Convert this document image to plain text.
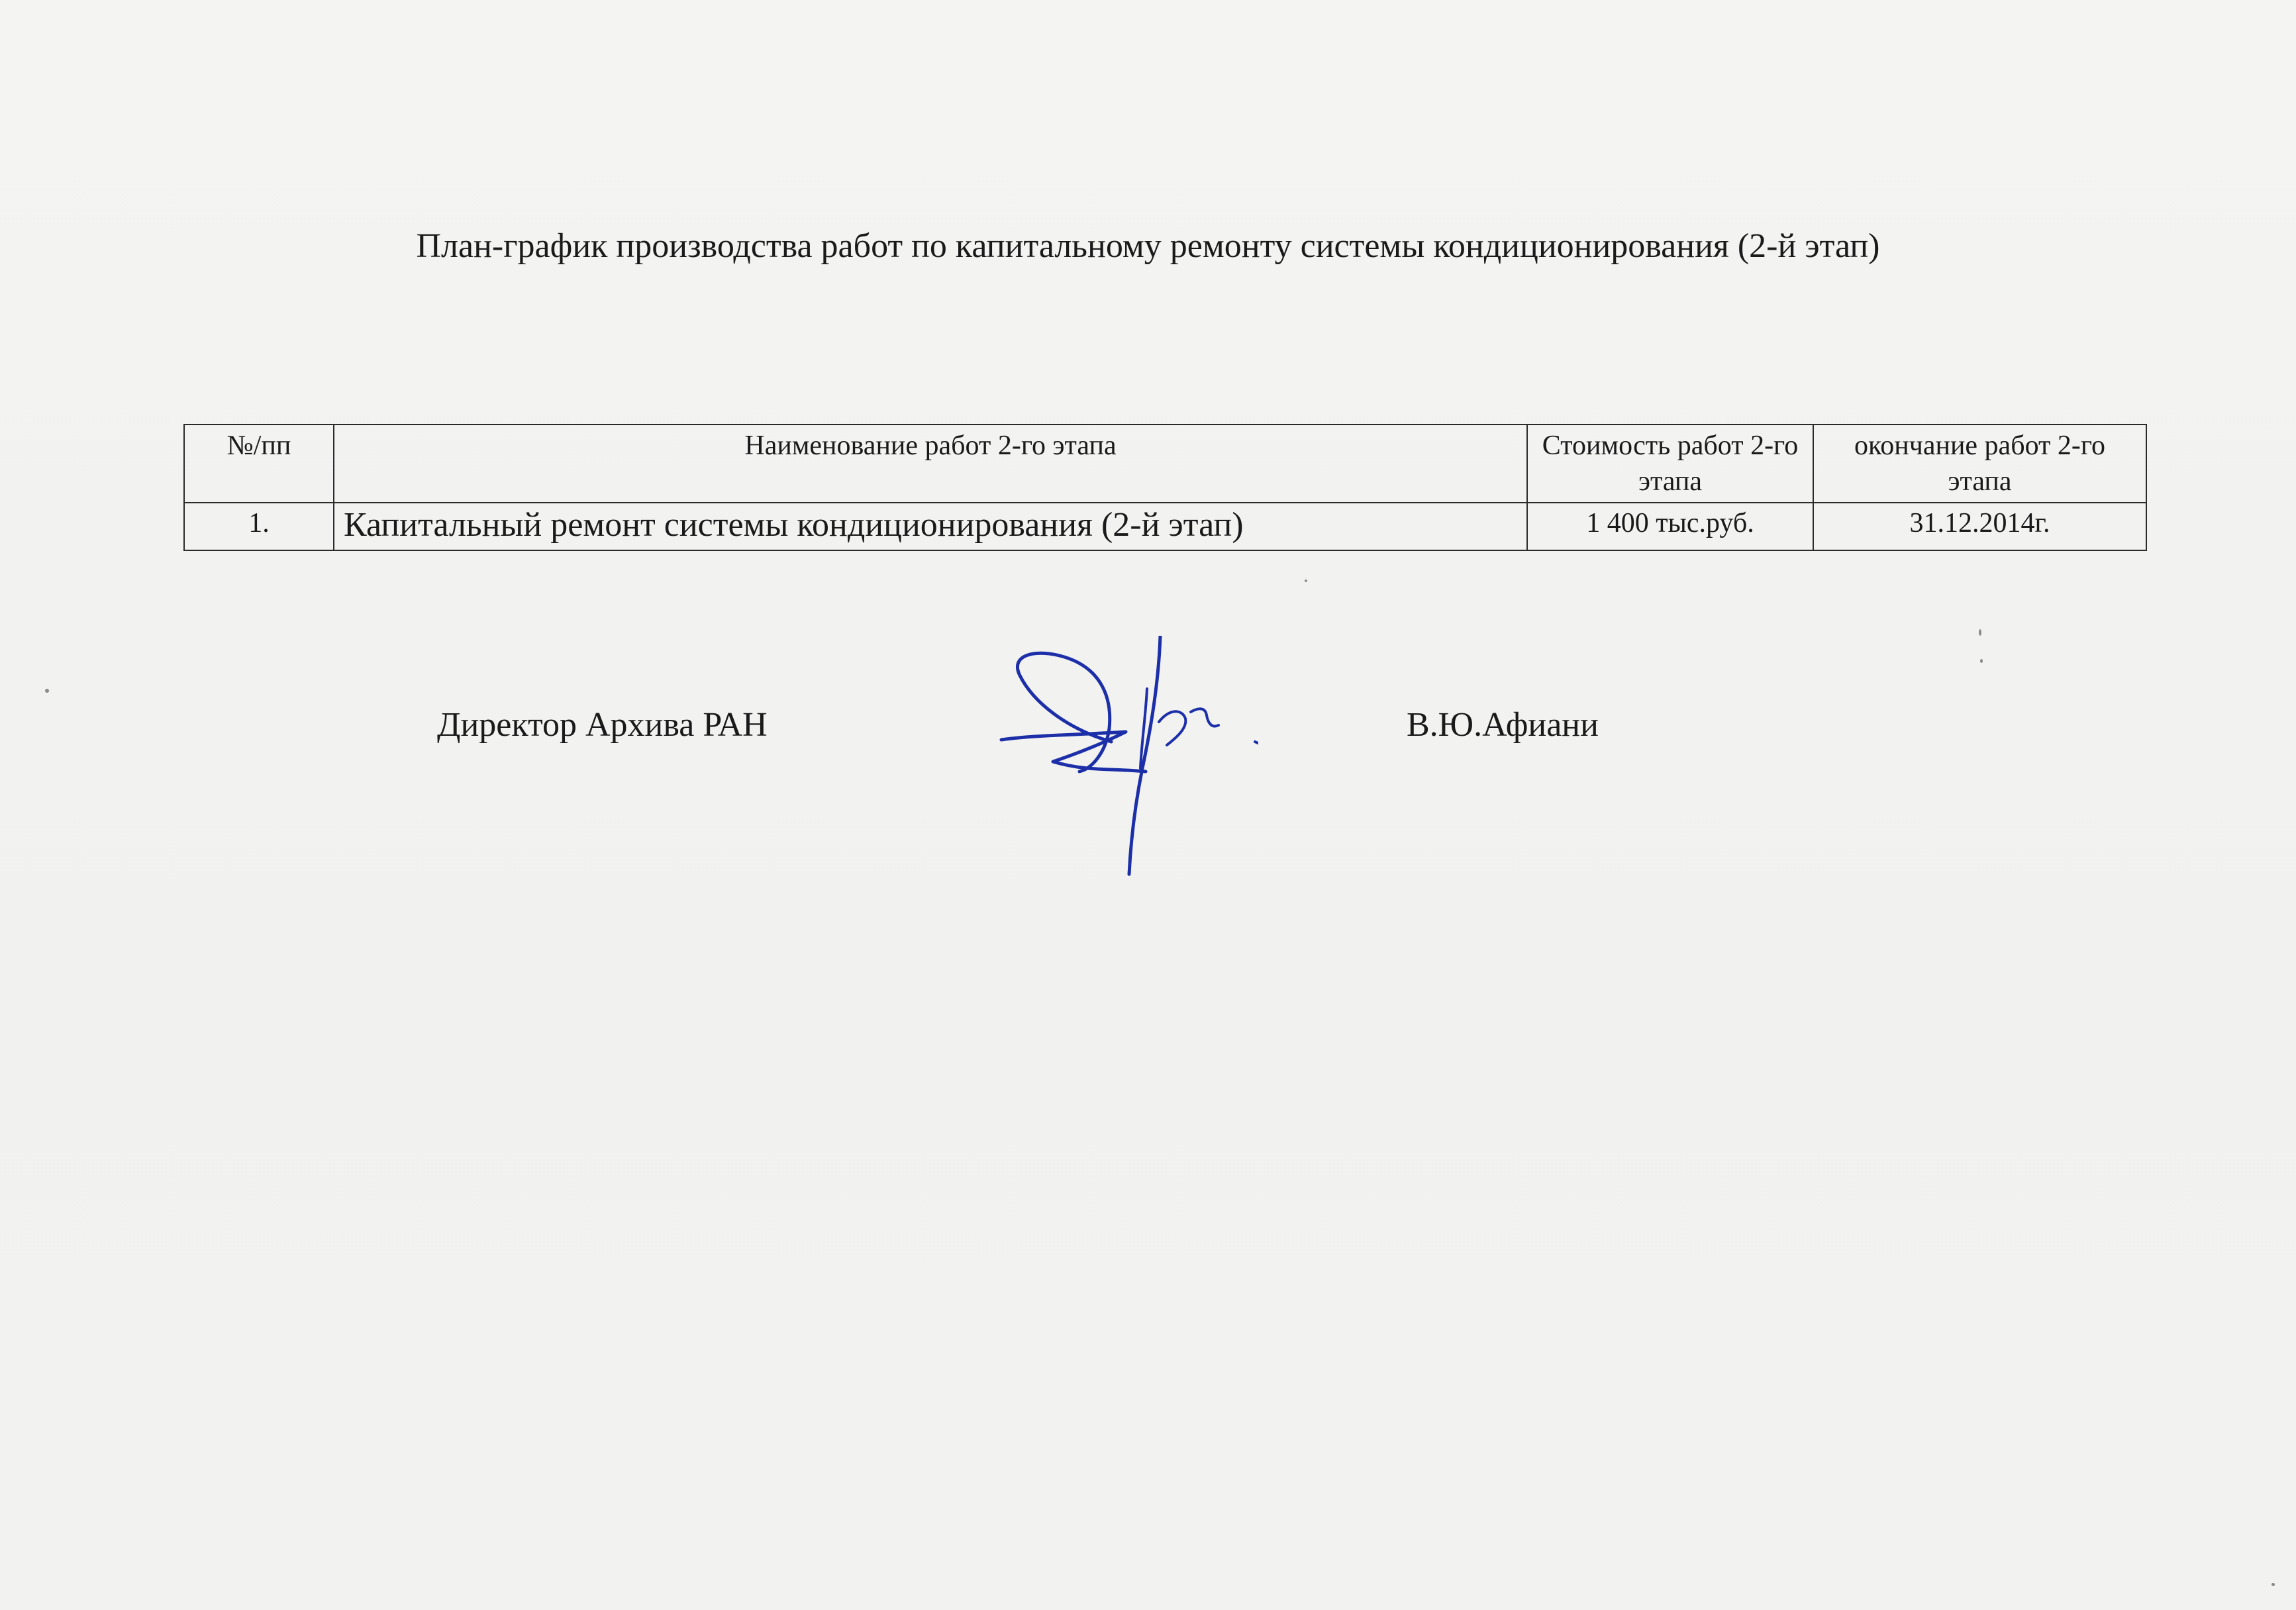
План-график производства работ по капитальному ремонту системы кондиционирования (2-й этап)
№/пп	Наименование работ 2-го этапа	Стоимость работ 2-го этапа	окончание работ 2-го этапа
1.	Капитальный ремонт системы кондиционирования (2-й этап)	1 400 тыс.руб.	31.12.2014г.
Директор Архива РАН	В.Ю.Афиани
